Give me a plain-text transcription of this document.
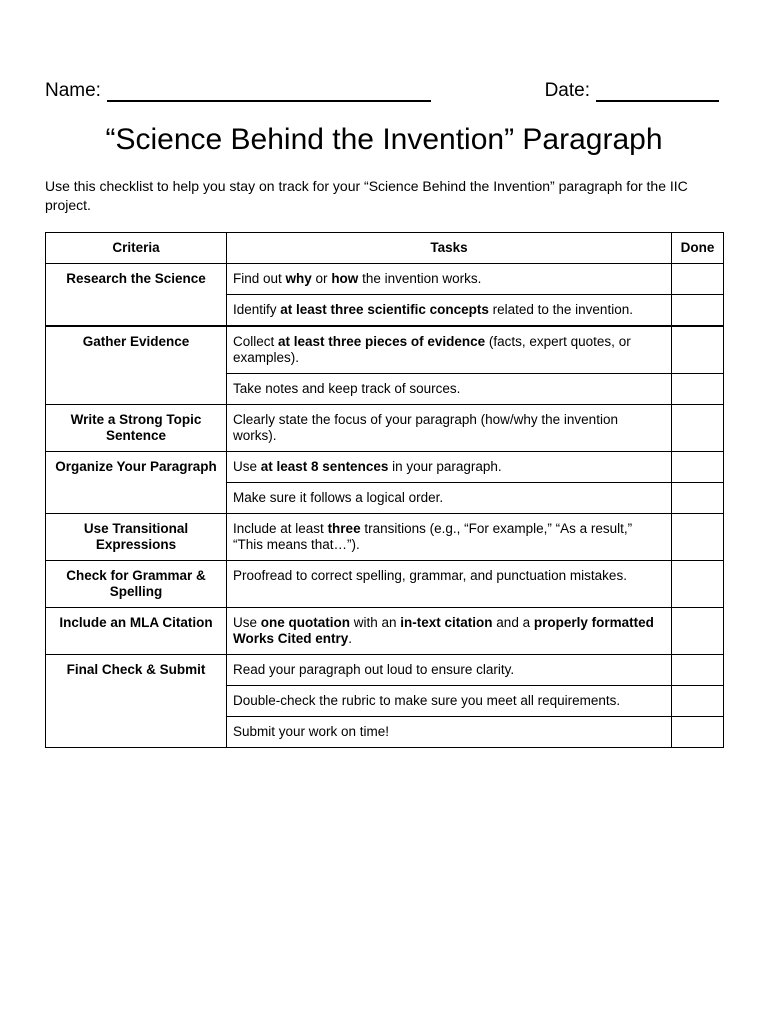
Name:	Date:
“Science Behind the Invention” Paragraph

Use this checklist to help you stay on track for your “Science Behind the Invention” paragraph for the IIC project.

Criteria	Tasks	Done
Research the Science	Find out why or how the invention works.	
	Identify at least three scientific concepts related to the invention.	
Gather Evidence	Collect at least three pieces of evidence (facts, expert quotes, or examples).	
	Take notes and keep track of sources.	
Write a Strong Topic Sentence	Clearly state the focus of your paragraph (how/why the invention works).	
Organize Your Paragraph	Use at least 8 sentences in your paragraph.	
	Make sure it follows a logical order.	
Use Transitional Expressions	Include at least three transitions (e.g., “For example,” “As a result,” “This means that…”).	
Check for Grammar & Spelling	Proofread to correct spelling, grammar, and punctuation mistakes.	
Include an MLA Citation	Use one quotation with an in-text citation and a properly formatted Works Cited entry.	
Final Check & Submit	Read your paragraph out loud to ensure clarity.	
	Double-check the rubric to make sure you meet all requirements.	
	Submit your work on time!	
